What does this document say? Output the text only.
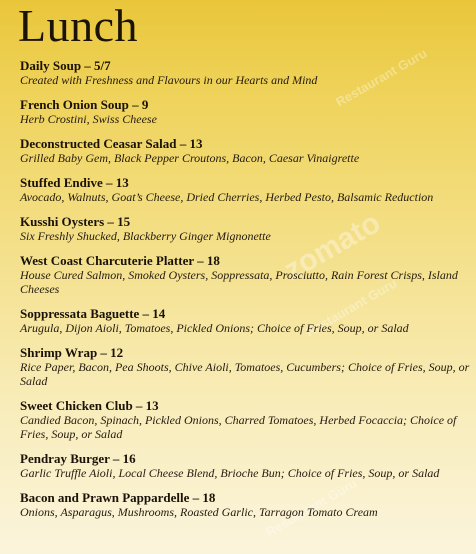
Restaurant Guru
zomato
Restaurant Guru
Restaurant Guru
Lunch
Daily Soup – 5/7
Created with Freshness and Flavours in our Hearts and Mind
French Onion Soup – 9
Herb Crostini, Swiss Cheese
Deconstructed Ceasar Salad – 13
Grilled Baby Gem, Black Pepper Croutons, Bacon, Caesar Vinaigrette
Stuffed Endive – 13
Avocado, Walnuts, Goat’s Cheese, Dried Cherries, Herbed Pesto, Balsamic Reduction
Kusshi Oysters – 15
Six Freshly Shucked, Blackberry Ginger Mignonette
West Coast Charcuterie Platter – 18
House Cured Salmon, Smoked Oysters, Soppressata, Prosciutto, Rain Forest Crisps, Island Cheeses
Soppressata Baguette – 14
Arugula, Dijon Aioli, Tomatoes, Pickled Onions; Choice of Fries, Soup, or Salad
Shrimp Wrap – 12
Rice Paper, Bacon, Pea Shoots, Chive Aioli, Tomatoes, Cucumbers; Choice of Fries, Soup, or Salad
Sweet Chicken Club – 13
Candied Bacon, Spinach, Pickled Onions, Charred Tomatoes, Herbed Focaccia; Choice of Fries, Soup, or Salad
Pendray Burger – 16
Garlic Truffle Aioli, Local Cheese Blend, Brioche Bun; Choice of Fries, Soup, or Salad
Bacon and Prawn Pappardelle – 18
Onions, Asparagus, Mushrooms, Roasted Garlic, Tarragon Tomato Cream
